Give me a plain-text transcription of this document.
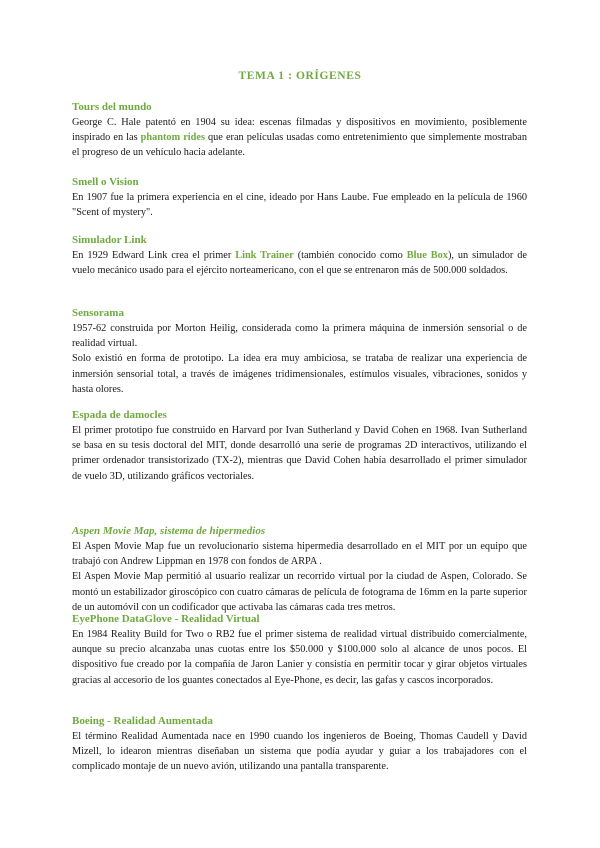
TEMA 1 : ORÍGENES
Tours del mundo

George C. Hale patentó en 1904 su idea: escenas filmadas y dispositivos en movimiento, posiblemente inspirado en las phantom rides que eran películas usadas como entretenimiento que simplemente mostraban el progreso de un vehículo hacia adelante.

Smell o Vision

En 1907 fue la primera experiencia en el cine, ideado por Hans Laube. Fue empleado en la película de 1960 "Scent of mystery".

Simulador Link

En 1929 Edward Link crea el primer Link Trainer (también conocido como Blue Box), un simulador de vuelo mecánico usado para el ejército norteamericano, con el que se entrenaron más de 500.000 soldados.

Sensorama

1957-62 construida por Morton Heilig, considerada como la primera máquina de inmersión sensorial o de realidad virtual.

Solo existió en forma de prototipo. La idea era muy ambiciosa, se trataba de realizar una experiencia de inmersión sensorial total, a través de imágenes tridimensionales, estímulos visuales, vibraciones, sonidos y hasta olores.

Espada de damocles

El primer prototipo fue construido en Harvard por Ivan Sutherland y David Cohen en 1968. Ivan Sutherland se basa en su tesis doctoral del MIT, donde desarrolló una serie de programas 2D interactivos, utilizando el primer ordenador transistorizado (TX-2), mientras que David Cohen había desarrollado el primer simulador de vuelo 3D, utilizando gráficos vectoriales.

Aspen Movie Map, sistema de hipermedios

El Aspen Movie Map fue un revolucionario sistema hipermedia desarrollado en el MIT por un equipo que trabajó con Andrew Lippman en 1978 con fondos de ARPA .

El Aspen Movie Map permitió al usuario realizar un recorrido virtual por la ciudad de Aspen, Colorado. Se montó un estabilizador giroscópico con cuatro cámaras de película de fotograma de 16mm en la parte superior de un automóvil con un codificador que activaba las cámaras cada tres metros.

EyePhone DataGlove - Realidad Virtual

En 1984 Reality Build for Two o RB2 fue el primer sistema de realidad virtual distribuido comercialmente, aunque su precio alcanzaba unas cuotas entre los $50.000 y $100.000 solo al alcance de unos pocos. El dispositivo fue creado por la compañía de Jaron Lanier y consistía en permitir tocar y girar objetos virtuales gracias al accesorio de los guantes conectados al Eye-Phone, es decir, las gafas y cascos incorporados.

Boeing - Realidad Aumentada

El término Realidad Aumentada nace en 1990 cuando los ingenieros de Boeing, Thomas Caudell y David Mizell, lo idearon mientras diseñaban un sistema que podía ayudar y guiar a los trabajadores con el complicado montaje de un nuevo avión, utilizando una pantalla transparente.
